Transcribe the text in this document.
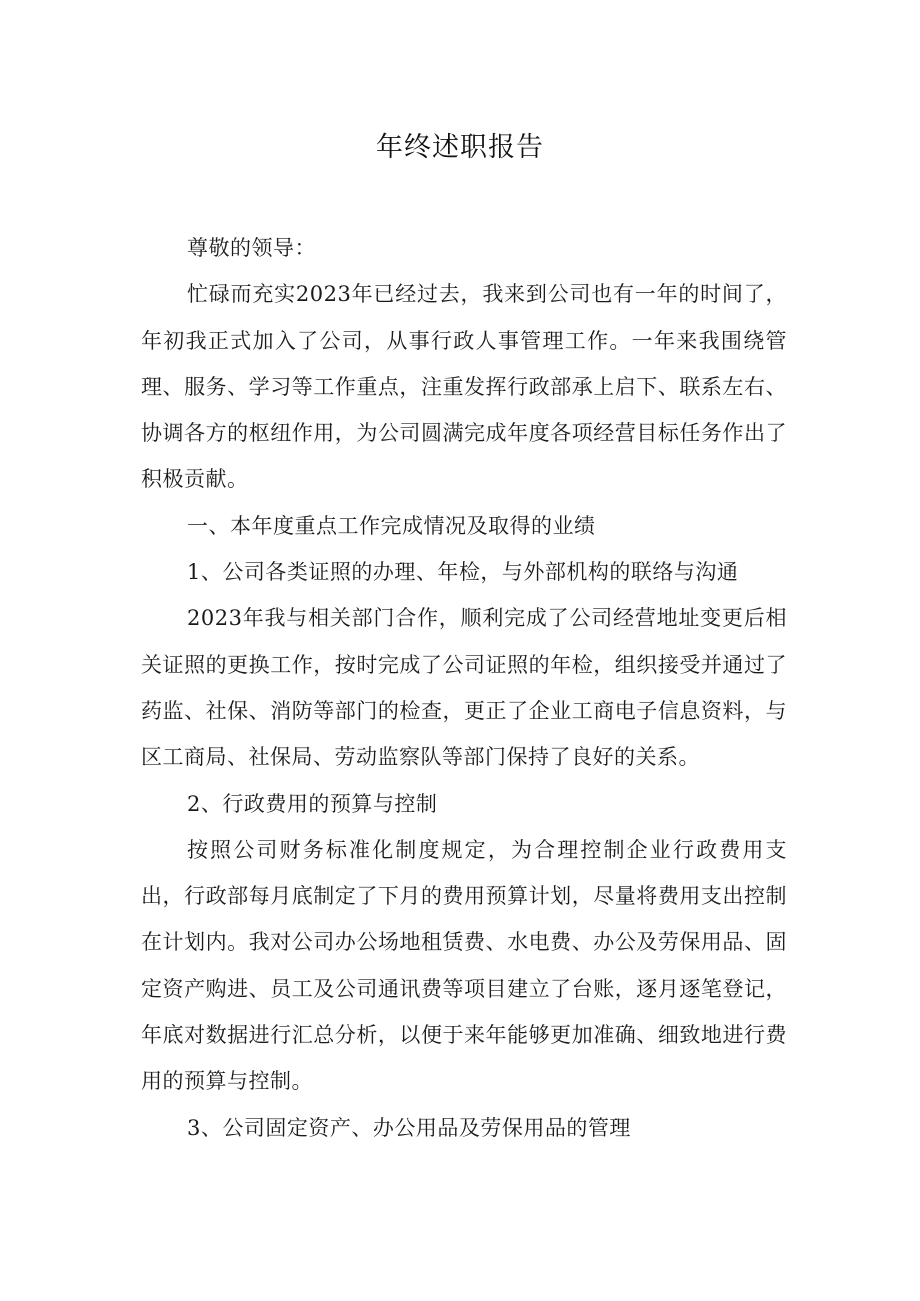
年终述职报告

尊敬的领导：

忙碌而充实2023年已经过去，我来到公司也有一年的时间了，年初我正式加入了公司，从事行政人事管理工作。一年来我围绕管理、服务、学习等工作重点，注重发挥行政部承上启下、联系左右、协调各方的枢纽作用，为公司圆满完成年度各项经营目标任务作出了积极贡献。

一、本年度重点工作完成情况及取得的业绩

1、公司各类证照的办理、年检，与外部机构的联络与沟通

2023年我与相关部门合作，顺利完成了公司经营地址变更后相关证照的更换工作，按时完成了公司证照的年检，组织接受并通过了药监、社保、消防等部门的检查，更正了企业工商电子信息资料，与区工商局、社保局、劳动监察队等部门保持了良好的关系。

2、行政费用的预算与控制

按照公司财务标准化制度规定，为合理控制企业行政费用支出，行政部每月底制定了下月的费用预算计划，尽量将费用支出控制在计划内。我对公司办公场地租赁费、水电费、办公及劳保用品、固定资产购进、员工及公司通讯费等项目建立了台账，逐月逐笔登记，年底对数据进行汇总分析，以便于来年能够更加准确、细致地进行费用的预算与控制。

3、公司固定资产、办公用品及劳保用品的管理
